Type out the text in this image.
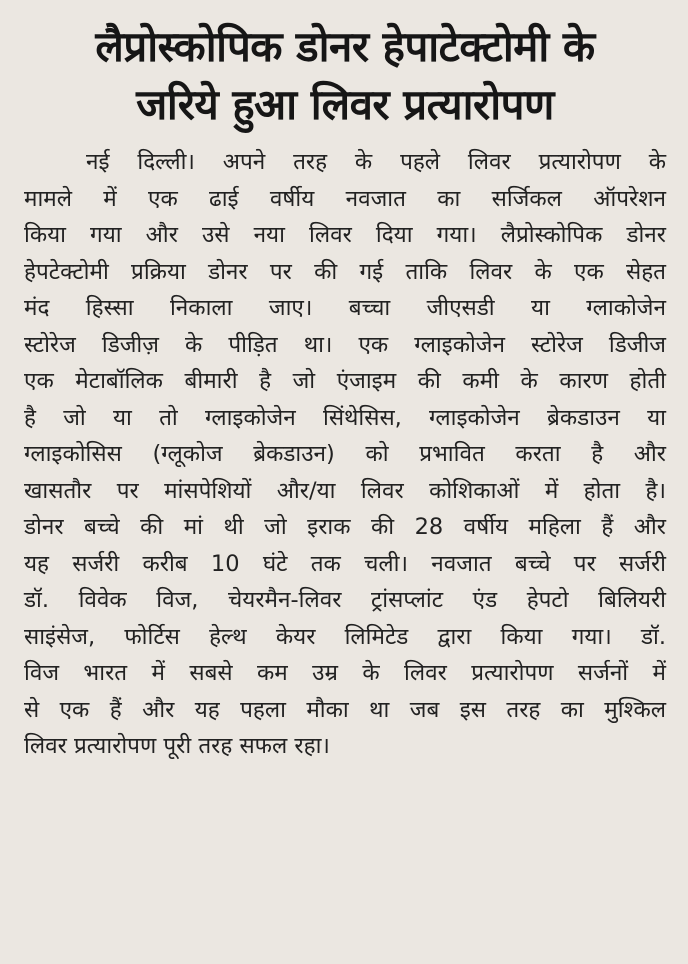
लैप्रोस्कोपिक डोनर हेपाटेक्टोमी के
जरिये हुआ लिवर प्रत्यारोपण
नई दिल्ली। अपने तरह के पहले लिवर प्रत्यारोपण के
मामले में एक ढाई वर्षीय नवजात का सर्जिकल ऑपरेशन
किया गया और उसे नया लिवर दिया गया। लैप्रोस्कोपिक डोनर
हेपटेक्टोमी प्रक्रिया डोनर पर की गई ताकि लिवर के एक सेहत
मंद हिस्सा निकाला जाए। बच्चा जीएसडी या ग्लाकोजेन
स्टोरेज डिजीज़ के पीड़ित था। एक ग्लाइकोजेन स्टोरेज डिजीज
एक मेटाबॉलिक बीमारी है जो एंजाइम की कमी के कारण होती
है जो या तो ग्लाइकोजेन सिंथेसिस, ग्लाइकोजेन ब्रेकडाउन या
ग्लाइकोसिस (ग्लूकोज ब्रेकडाउन) को प्रभावित करता है और
खासतौर पर मांसपेशियों और/या लिवर कोशिकाओं में होता है।
डोनर बच्चे की मां थी जो इराक की 28 वर्षीय महिला हैं और
यह सर्जरी करीब 10 घंटे तक चली। नवजात बच्चे पर सर्जरी
डॉ. विवेक विज, चेयरमैन-लिवर ट्रांसप्लांट एंड हेपटो बिलियरी
साइंसेज, फोर्टिस हेल्थ केयर लिमिटेड द्वारा किया गया। डॉ.
विज भारत में सबसे कम उम्र के लिवर प्रत्यारोपण सर्जनों में
से एक हैं और यह पहला मौका था जब इस तरह का मुश्किल
लिवर प्रत्यारोपण पूरी तरह सफल रहा।
